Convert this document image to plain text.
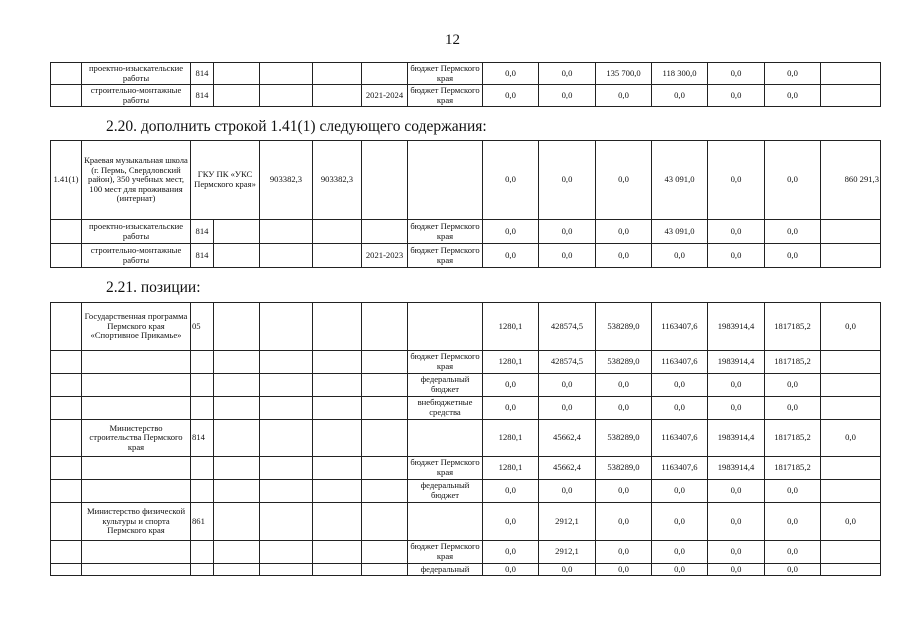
12
	проектно-изыскательские работы	814					бюджет Пермского края	0,0	0,0	135 700,0	118 300,0	0,0	0,0	
	строительно-монтажные работы	814				2021-2024	бюджет Пермского края	0,0	0,0	0,0	0,0	0,0	0,0	
2.20. дополнить строкой 1.41(1) следующего содержания:
1.41(1)	Краевая музыкальная школа (г. Пермь, Свердловский район), 350 учебных мест, 100 мест для проживания (интернат)	ГКУ ПК «УКС Пермского края»		903382,3	903382,3			0,0	0,0	0,0	43 091,0	0,0	0,0	860 291,3
	проектно-изыскательские работы	814					бюджет Пермского края	0,0	0,0	0,0	43 091,0	0,0	0,0	
	строительно-монтажные работы	814				2021-2023	бюджет Пермского края	0,0	0,0	0,0	0,0	0,0	0,0	
2.21. позиции:
	Государственная программа Пермского края «Спортивное Прикамье»	05						1280,1	428574,5	538289,0	1163407,6	1983914,4	1817185,2	0,0
							бюджет Пермского края	1280,1	428574,5	538289,0	1163407,6	1983914,4	1817185,2	
							федеральный бюджет	0,0	0,0	0,0	0,0	0,0	0,0	
							внебюджетные средства	0,0	0,0	0,0	0,0	0,0	0,0	
	Министерство строительства Пермского края	814						1280,1	45662,4	538289,0	1163407,6	1983914,4	1817185,2	0,0
							бюджет Пермского края	1280,1	45662,4	538289,0	1163407,6	1983914,4	1817185,2	
							федеральный бюджет	0,0	0,0	0,0	0,0	0,0	0,0	
	Министерство физической культуры и спорта Пермского края	861						0,0	2912,1	0,0	0,0	0,0	0,0	0,0
							бюджет Пермского края	0,0	2912,1	0,0	0,0	0,0	0,0	
							федеральный	0,0	0,0	0,0	0,0	0,0	0,0	
